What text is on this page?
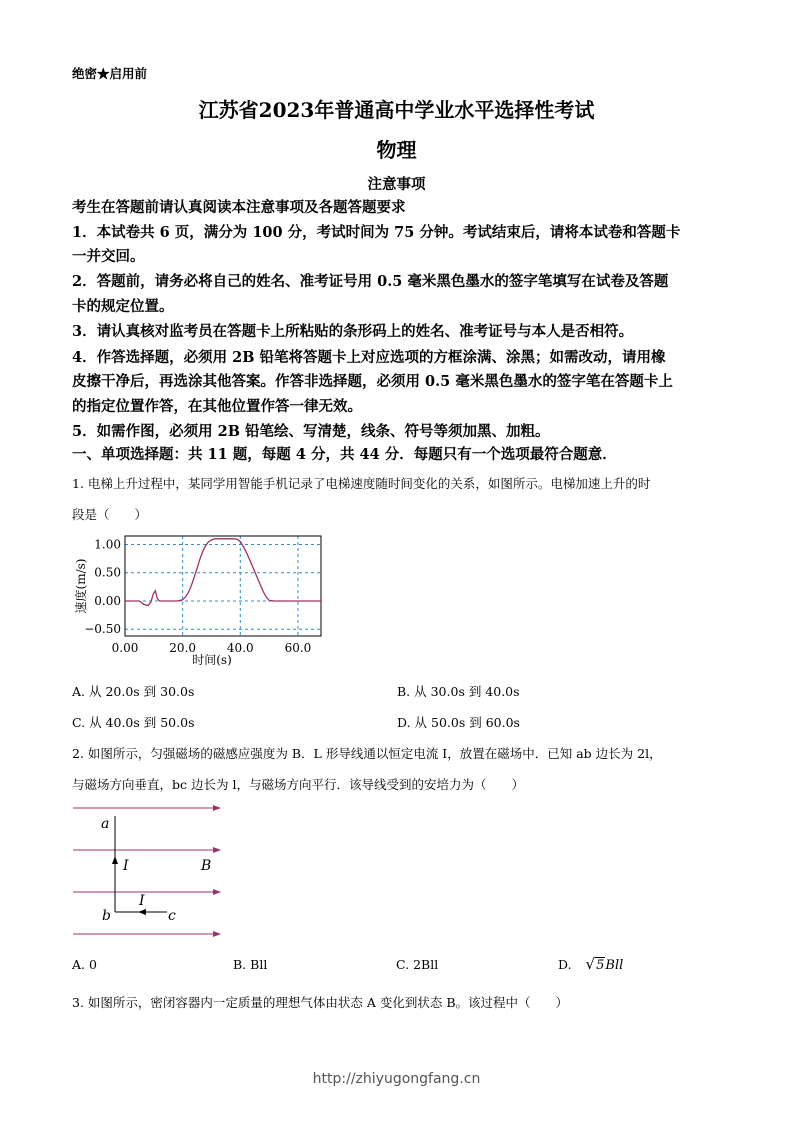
绝密★启用前
江苏省2023年普通高中学业水平选择性考试
物理
注意事项
考生在答题前请认真阅读本注意事项及各题答题要求
1．本试卷共 6 页，满分为 100 分，考试时间为 75 分钟。考试结束后，请将本试卷和答题卡
一并交回。
2．答题前，请务必将自己的姓名、准考证号用 0.5 毫米黑色墨水的签字笔填写在试卷及答题
卡的规定位置。
3．请认真核对监考员在答题卡上所粘贴的条形码上的姓名、准考证号与本人是否相符。
4．作答选择题，必须用 2B 铅笔将答题卡上对应选项的方框涂满、涂黑；如需改动，请用橡
皮擦干净后，再选涂其他答案。作答非选择题，必须用 0.5 毫米黑色墨水的签字笔在答题卡上
的指定位置作答，在其他位置作答一律无效。
5．如需作图，必须用 2B 铅笔绘、写清楚，线条、符号等须加黑、加粗。
一、单项选择题：共 11 题，每题 4 分，共 44 分．每题只有一个选项最符合题意．
1. 电梯上升过程中，某同学用智能手机记录了电梯速度随时间变化的关系，如图所示。电梯加速上升的时
段是（　　）
1.00
0.50
0.00
−0.50
0.00	20.0	40.0	60.0
速度(m/s)
时间(s)
A. 从 20.0s 到 30.0s	B. 从 30.0s 到 40.0s
C. 从 40.0s 到 50.0s	D. 从 50.0s 到 60.0s
2. 如图所示，匀强磁场的磁感应强度为 B．L 形导线通以恒定电流 I，放置在磁场中．已知 ab 边长为 2l，
与磁场方向垂直，bc 边长为 l，与磁场方向平行．该导线受到的安培力为（　　）
a
b	c
I
I
B
A. 0	B. Bll	C. 2Bll	D. √5Bll
3. 如图所示，密闭容器内一定质量的理想气体由状态 A 变化到状态 B。该过程中（　　）
http://zhiyugongfang.cn
